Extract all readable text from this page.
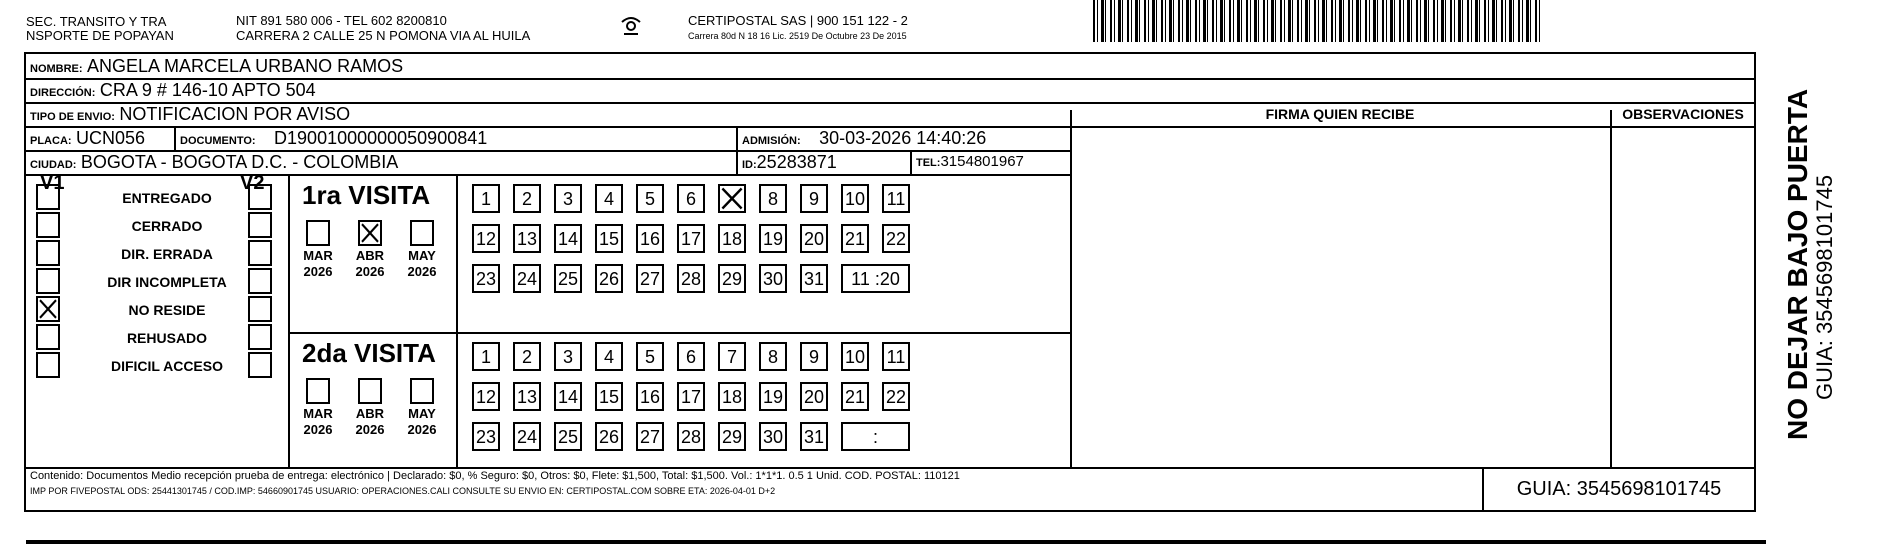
SEC. TRANSITO Y TRA
NSPORTE DE POPAYAN
NIT 891 580 006 - TEL 602 8200810
CARRERA 2 CALLE 25 N POMONA VIA AL HUILA
CERTIPOSTAL SAS | 900 151 122 - 2
Carrera 80d N 18 16 Lic. 2519 De Octubre 23 De 2015
NOMBRE: ANGELA MARCELA URBANO RAMOS
DIRECCIÓN: CRA 9 # 146-10 APTO 504
TIPO DE ENVIO: NOTIFICACION POR AVISO	FIRMA QUIEN RECIBE	OBSERVACIONES
PLACA: UCN056	DOCUMENTO: D19001000000050900841	ADMISIÓN: 30-03-2026 14:40:26
CIUDAD: BOGOTA - BOGOTA D.C. - COLOMBIA	ID:25283871	TEL:3154801967
V1	V2
ENTREGADO
CERRADO
DIR. ERRADA
DIR INCOMPLETA
NO RESIDE
REHUSADO
DIFICIL ACCESO
1ra VISITA
MAR
2026
ABR
2026
MAY
2026
1	2	3	4	5	6	8	9	10 11
12 13 14 15 16 17 18 19 20 21 22
23 24 25 26 27 28 29 30 31	11 :20
2da VISITA
MAR
2026
ABR
2026
MAY
2026
1	2	3	4	5	6	7	8	9	10 11
12 13 14 15 16 17 18 19 20 21 22
23 24 25 26 27 28 29 30 31	:
Contenido: Documentos Medio recepción prueba de entrega: electrónico | Declarado: $0, % Seguro: $0, Otros: $0, Flete: $1,500, Total: $1,500. Vol.: 1*1*1. 0.5 1 Unid. COD. POSTAL: 110121
IMP POR FIVEPOSTAL ODS: 25441301745 / COD.IMP: 54660901745 USUARIO: OPERACIONES.CALI CONSULTE SU ENVIO EN: CERTIPOSTAL.COM SOBRE ETA: 2026-04-01 D+2	GUIA: 3545698101745
NO DEJAR BAJO PUERTA GUIA: 3545698101745
